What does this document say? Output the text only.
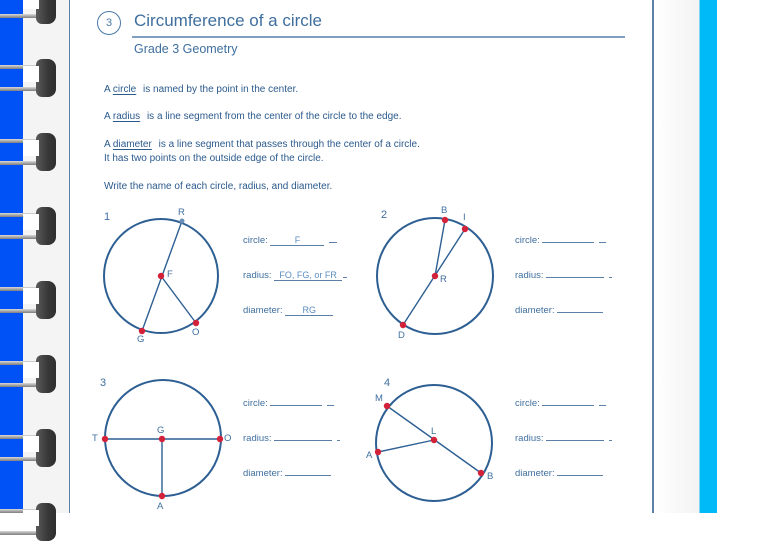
3	Circumference of a circle
Grade 3 Geometry
A circle is named by the point in the center.
A radius is a line segment from the center of the circle to the edge.
A diameter is a line segment that passes through the center of a circle.
It has two points on the outside edge of the circle.
Write the name of each circle, radius, and diameter.
1	2
3	4
R
F
G
O
B
I
R
D
T
G
O
A
M
L
A
B
circle:	F
radius: FO, FG, or FR
diameter: RG
circle:
radius:
diameter:
circle:
radius:
diameter:
circle:
radius:
diameter:
